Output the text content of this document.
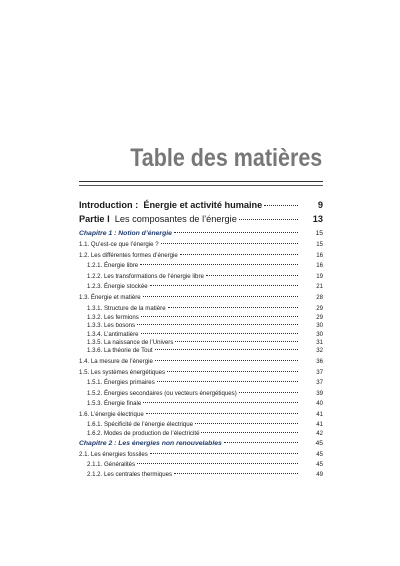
Table des matières
Introduction : Énergie et activité humaine	9
Partie I Les composantes de l’énergie	13
Chapitre 1 : Notion d’énergie	15
1.1. Qu’est-ce que l’énergie ?	15
1.2. Les différentes formes d’énergie	16
1.2.1. Énergie libre	16
1.2.2. Les transformations de l’énergie libre	19
1.2.3. Énergie stockée	21
1.3. Énergie et matière	28
1.3.1. Structure de la matière	29
1.3.2. Les fermions	29
1.3.3. Les bosons	30
1.3.4. L’antimatière	30
1.3.5. La naissance de l’Univers	31
1.3.6. La théorie de Tout	32
1.4. La mesure de l’énergie	36
1.5. Les systèmes énergétiques	37
1.5.1. Énergies primaires	37
1.5.2. Énergies secondaires (ou vecteurs énergétiques)	39
1.5.3. Énergie finale	40
1.6. L’énergie électrique	41
1.6.1. Spécificité de l’énergie électrique	41
1.6.2. Modes de production de l’électricité	42
Chapitre 2 : Les énergies non renouvelables	45
2.1. Les énergies fossiles	45
2.1.1. Généralités	45
2.1.2. Les centrales thermiques	49
